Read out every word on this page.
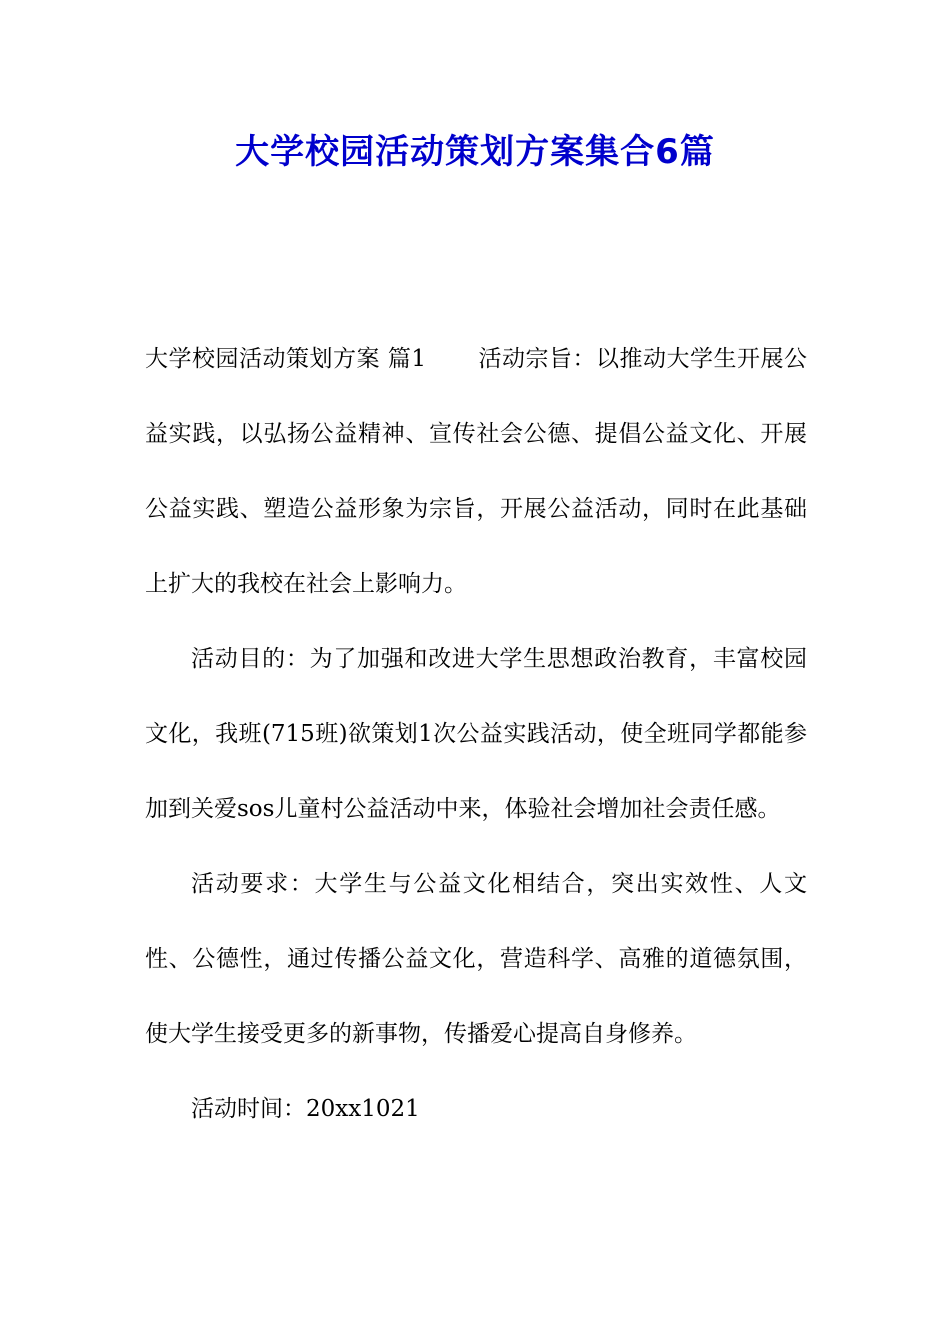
大学校园活动策划方案集合6篇

大学校园活动策划方案 篇1 活动宗旨：以推动大学生开展公益实践，以弘扬公益精神、宣传社会公德、提倡公益文化、开展公益实践、塑造公益形象为宗旨，开展公益活动，同时在此基础上扩大的我校在社会上影响力。

活动目的：为了加强和改进大学生思想政治教育，丰富校园文化，我班(715班)欲策划1次公益实践活动，使全班同学都能参加到关爱sos儿童村公益活动中来，体验社会增加社会责任感。

活动要求：大学生与公益文化相结合，突出实效性、人文性、公德性，通过传播公益文化，营造科学、高雅的道德氛围，使大学生接受更多的新事物，传播爱心提高自身修养。

活动时间：20xx1021
